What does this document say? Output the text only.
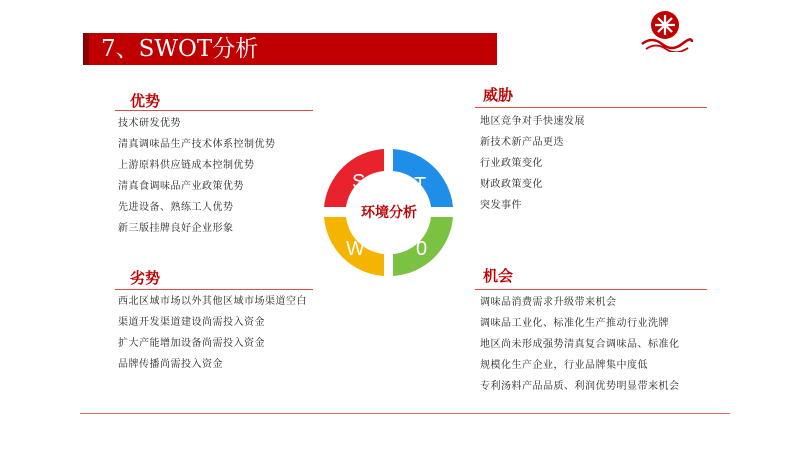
7、SWOT分析
优势
技术研发优势
清真调味品生产技术体系控制优势
上游原料供应链成本控制优势
清真食调味品产业政策优势
先进设备、熟练工人优势
新三版挂牌良好企业形象
威胁
地区竞争对手快速发展
新技术新产品更迭
行业政策变化
财政政策变化
突发事件
劣势
西北区域市场以外其他区域市场渠道空白
渠道开发渠道建设尚需投入资金
扩大产能增加设备尚需投入资金
品牌传播尚需投入资金
机会
调味品消费需求升级带来机会
调味品工业化、标准化生产推动行业洗牌
地区尚未形成强势清真复合调味品、标准化
规模化生产企业，行业品牌集中度低
专利汤料产品品质、利润优势明显带来机会
S T
W	0
环境分析
